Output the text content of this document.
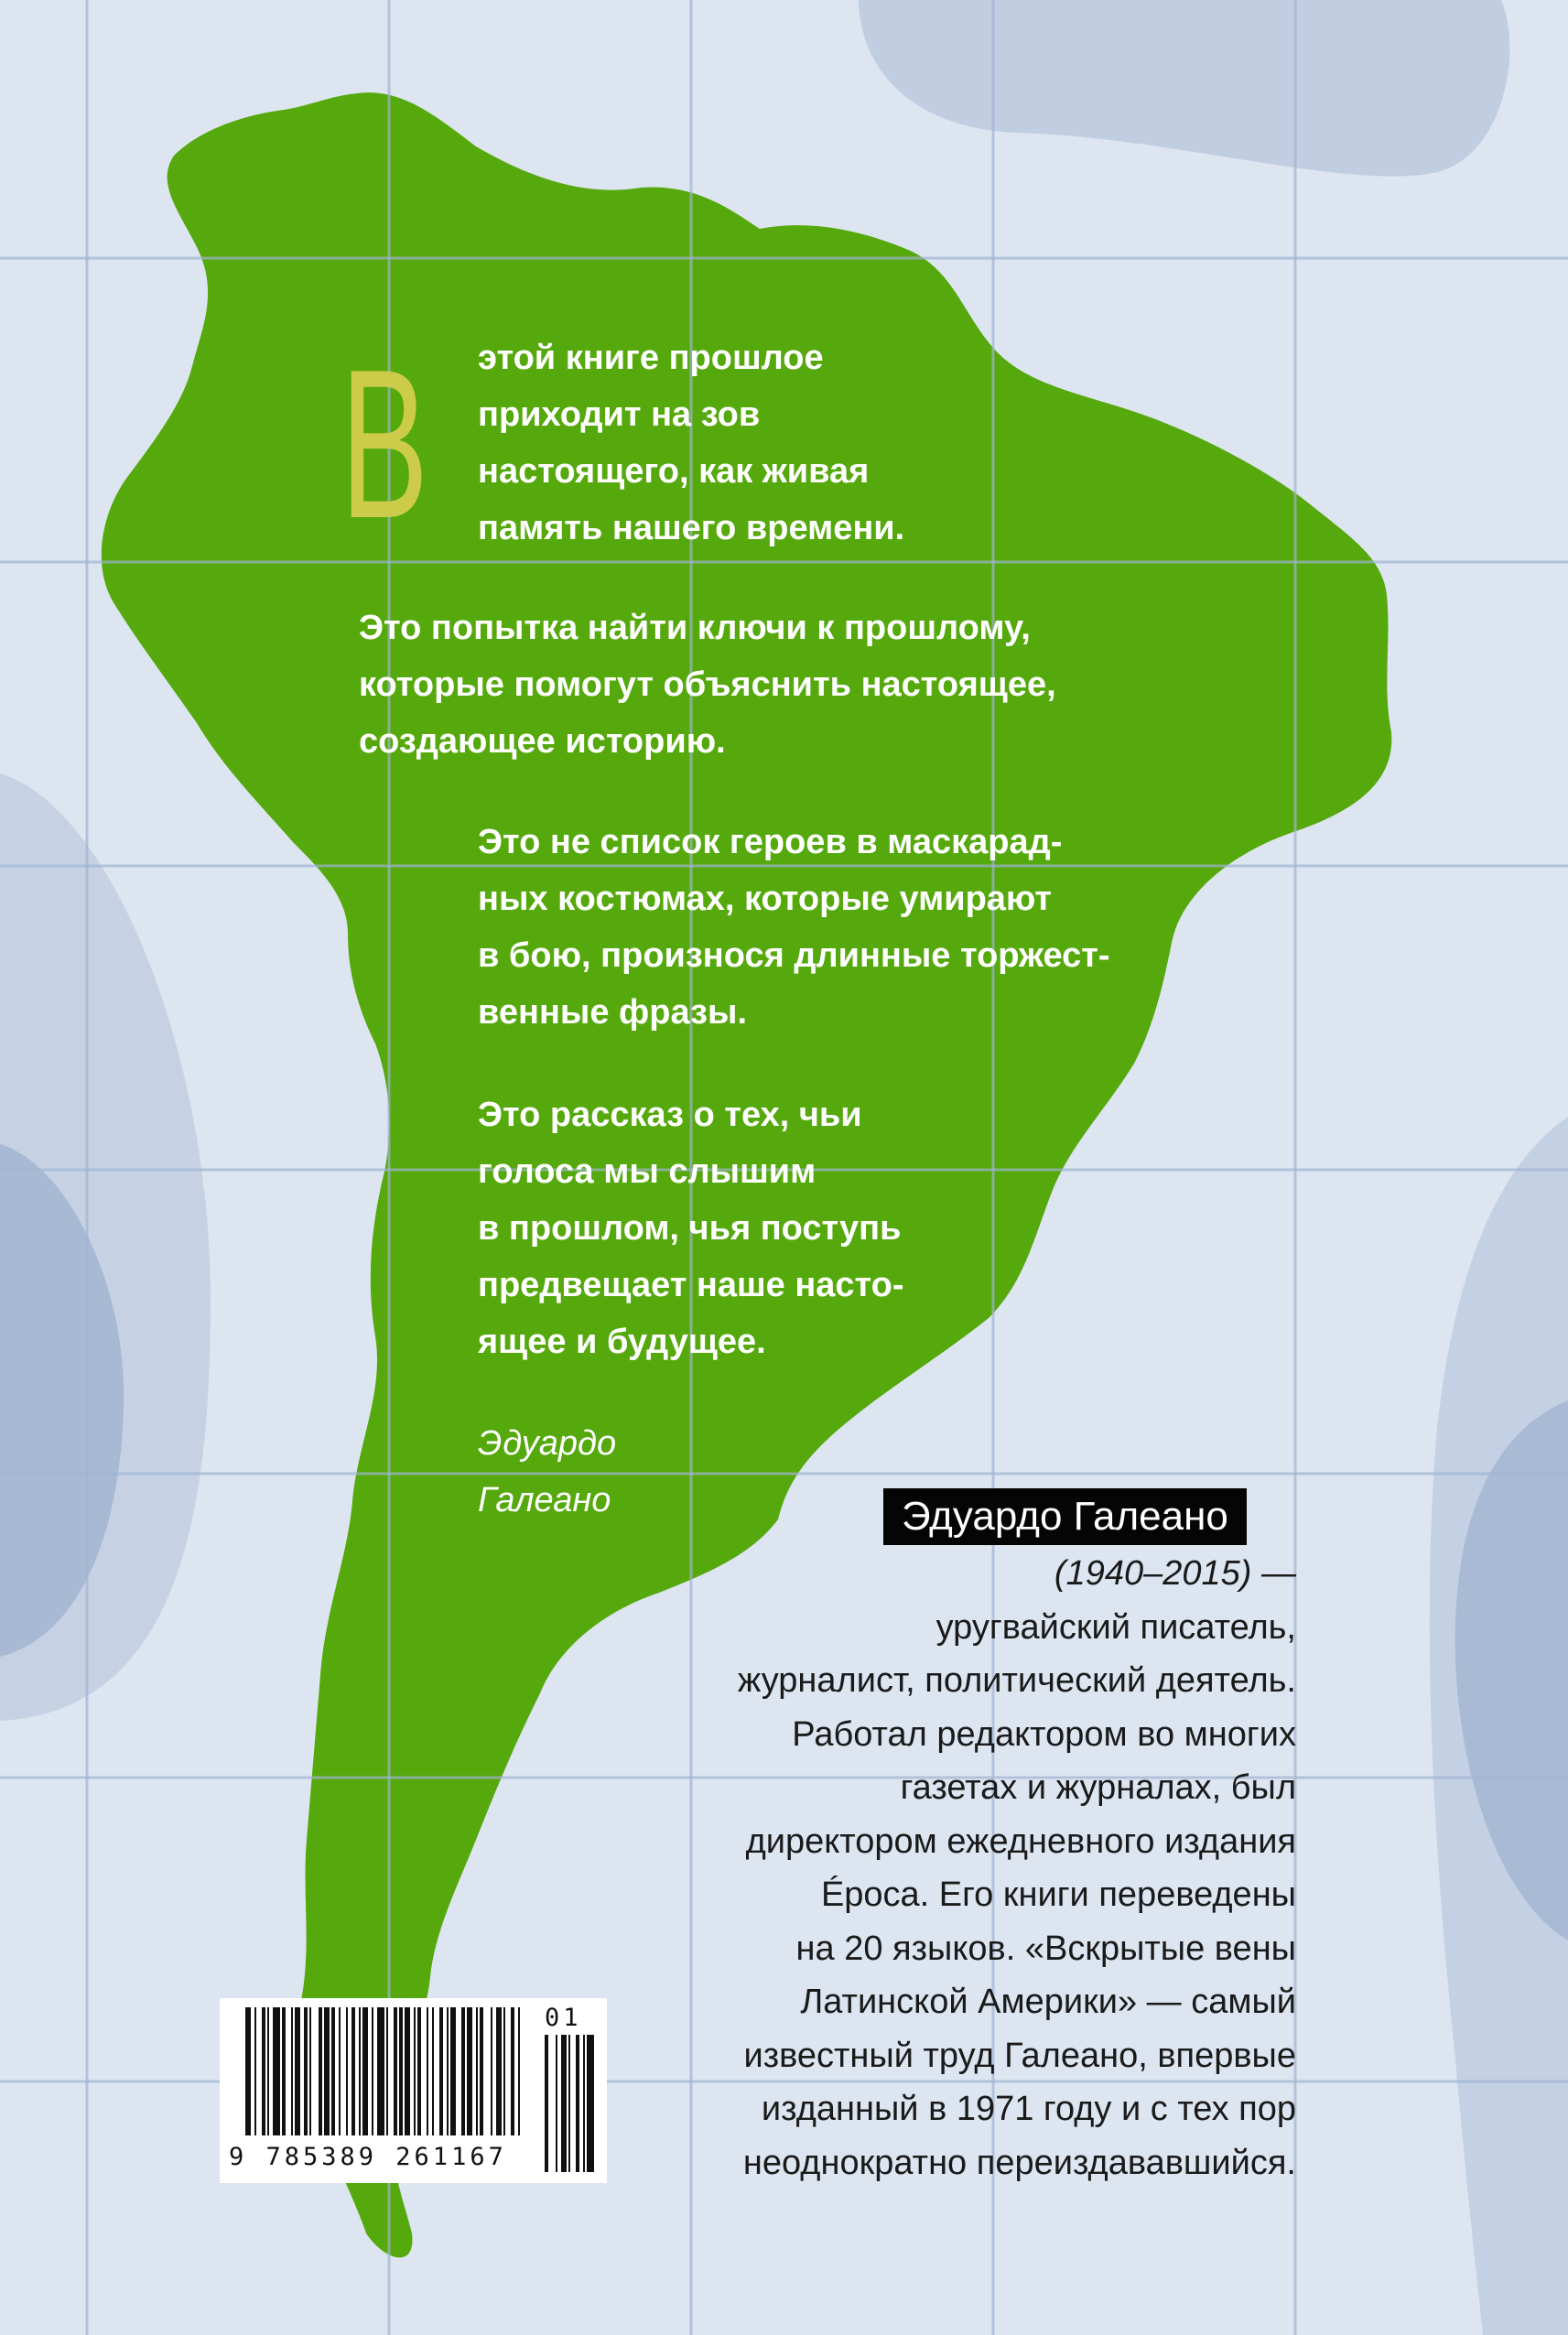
В этой книге прошлое
приходит на зов
настоящего, как живая
память нашего времени.

Это попытка найти ключи к прошлому,
которые помогут объяснить настоящее,
создающее историю.

Это не список героев в маскарад-
ных костюмах, которые умирают
в бою, произнося длинные торжест-
венные фразы.

Это рассказ о тех, чьи
голоса мы слышим
в прошлом, чья поступь
предвещает наше насто-
ящее и будущее.

Эдуардо
Галеано	Эдуардо Галеано
(1940–2015) —
уругвайский писатель,
журналист, политический деятель.
Работал редактором во многих
газетах и журналах, был
директором ежедневного издания
Éроса. Его книги переведены
на 20 языков. «Вскрытые вены
Латинской Америки» — самый
известный труд Галеано, впервые
изданный в 1971 году и с тех пор
неоднократно переиздававшийся.
9 785389 261167
01
